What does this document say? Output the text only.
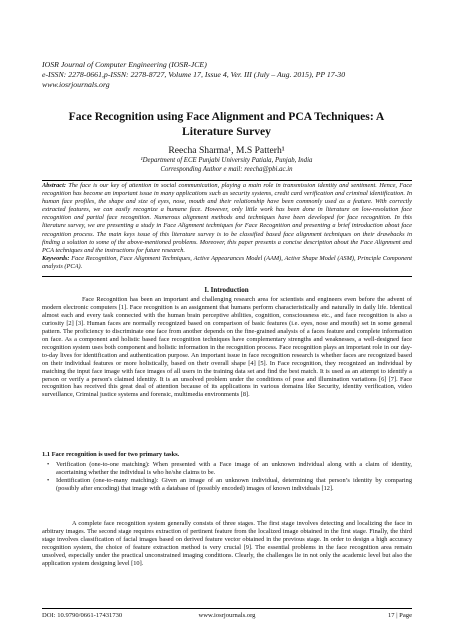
IOSR Journal of Computer Engineering (IOSR-JCE)
e-ISSN: 2278-0661,p-ISSN: 2278-8727, Volume 17, Issue 4, Ver. III (July – Aug. 2015), PP 17-30
www.iosrjournals.org
Face Recognition using Face Alignment and PCA Techniques: A Literature Survey
Reecha Sharma¹, M.S Patterh¹
¹Department of ECE Punjabi University Patiala, Punjab, India
Corresponding Author e mail: reecha@pbi.ac.in
Abstract: The face is our key of attention in social communication, playing a main role in transmission identity and sentiment. Hence, Face recognition has become an important issue in many applications such as security systems, credit card verification and criminal identification. In human face profiles, the shape and size of eyes, nose, mouth and their relationship have been commonly used as a feature. With correctly extracted features, we can easily recognize a humane face. However, only little work has been done in literature on low-resolution face recognition and partial face recognition. Numerous alignment methods and techniques have been developed for face recognition. In this literature survey, we are presenting a study in Face Alignment techniques for Face Recognition and presenting a brief introduction about face recognition process. The main keys issue of this literature survey is to be classified based face alignment techniques on their drawbacks in finding a solution to some of the above-mentioned problems. Moreover, this paper presents a concise description about the Face Alignment and PCA techniques and the instructions for future research.
Keywords: Face Recognition, Face Alignment Techniques, Active Appearances Model (AAM), Active Shape Model (ASM), Principle Component analysis (PCA).
I. Introduction
Face Recognition has been an important and challenging research area for scientists and engineers even before the advent of modern electronic computers [1]. Face recognition is an assignment that humans perform characteristically and naturally in daily life. Identical almost each and every task connected with the human brain perceptive abilities, cognition, consciousness etc., and face recognition is also a curiosity [2] [3]. Human faces are normally recognized based on comparison of basic features (i.e. eyes, nose and mouth) set in some general pattern. The proficiency to discriminate one face from another depends on the fine-grained analysis of a faces feature and complete information on face. As a component and holistic based face recognition techniques have complementary strengths and weaknesses, a well-designed face recognition system uses both component and holistic information in the recognition process. Face recognition plays an important role in our day-to-day lives for identification and authentication purpose. An important issue in face recognition research is whether faces are recognized based on their individual features or more holistically, based on their overall shape [4] [5]. In Face recognition, they recognized an individual by matching the input face image with face images of all users in the training data set and find the best match. It is used as an attempt to identify a person or verify a person's claimed identity. It is an unsolved problem under the conditions of pose and illumination variations [6] [7]. Face recognition has received this great deal of attention because of its applications in various domains like Security, identity verification, video surveillance, Criminal justice systems and forensic, multimedia environments [8].
1.1 Face recognition is used for two primary tasks.
• Verification (one-to-one matching): When presented with a Face image of an unknown individual along with a claim of identity, ascertaining whether the individual is who he/she claims to be.
• Identification (one-to-many matching): Given an image of an unknown individual, determining that person’s identity by comparing (possibly after encoding) that image with a database of (possibly encoded) images of known individuals [12].
A complete face recognition system generally consists of three stages. The first stage involves detecting and localizing the face in arbitrary images. The second stage requires extraction of pertinent feature from the localized image obtained in the first stage. Finally, the third stage involves classification of facial images based on derived feature vector obtained in the previous stage. In order to design a high accuracy recognition system, the choice of feature extraction method is very crucial [9]. The essential problems in the face recognition area remain unsolved, especially under the practical unconstrained imaging conditions. Clearly, the challenges lie in not only the academic level but also the application system designing level [10].
DOI: 10.9790/0661-17431730	www.iosrjournals.org	17 | Page
